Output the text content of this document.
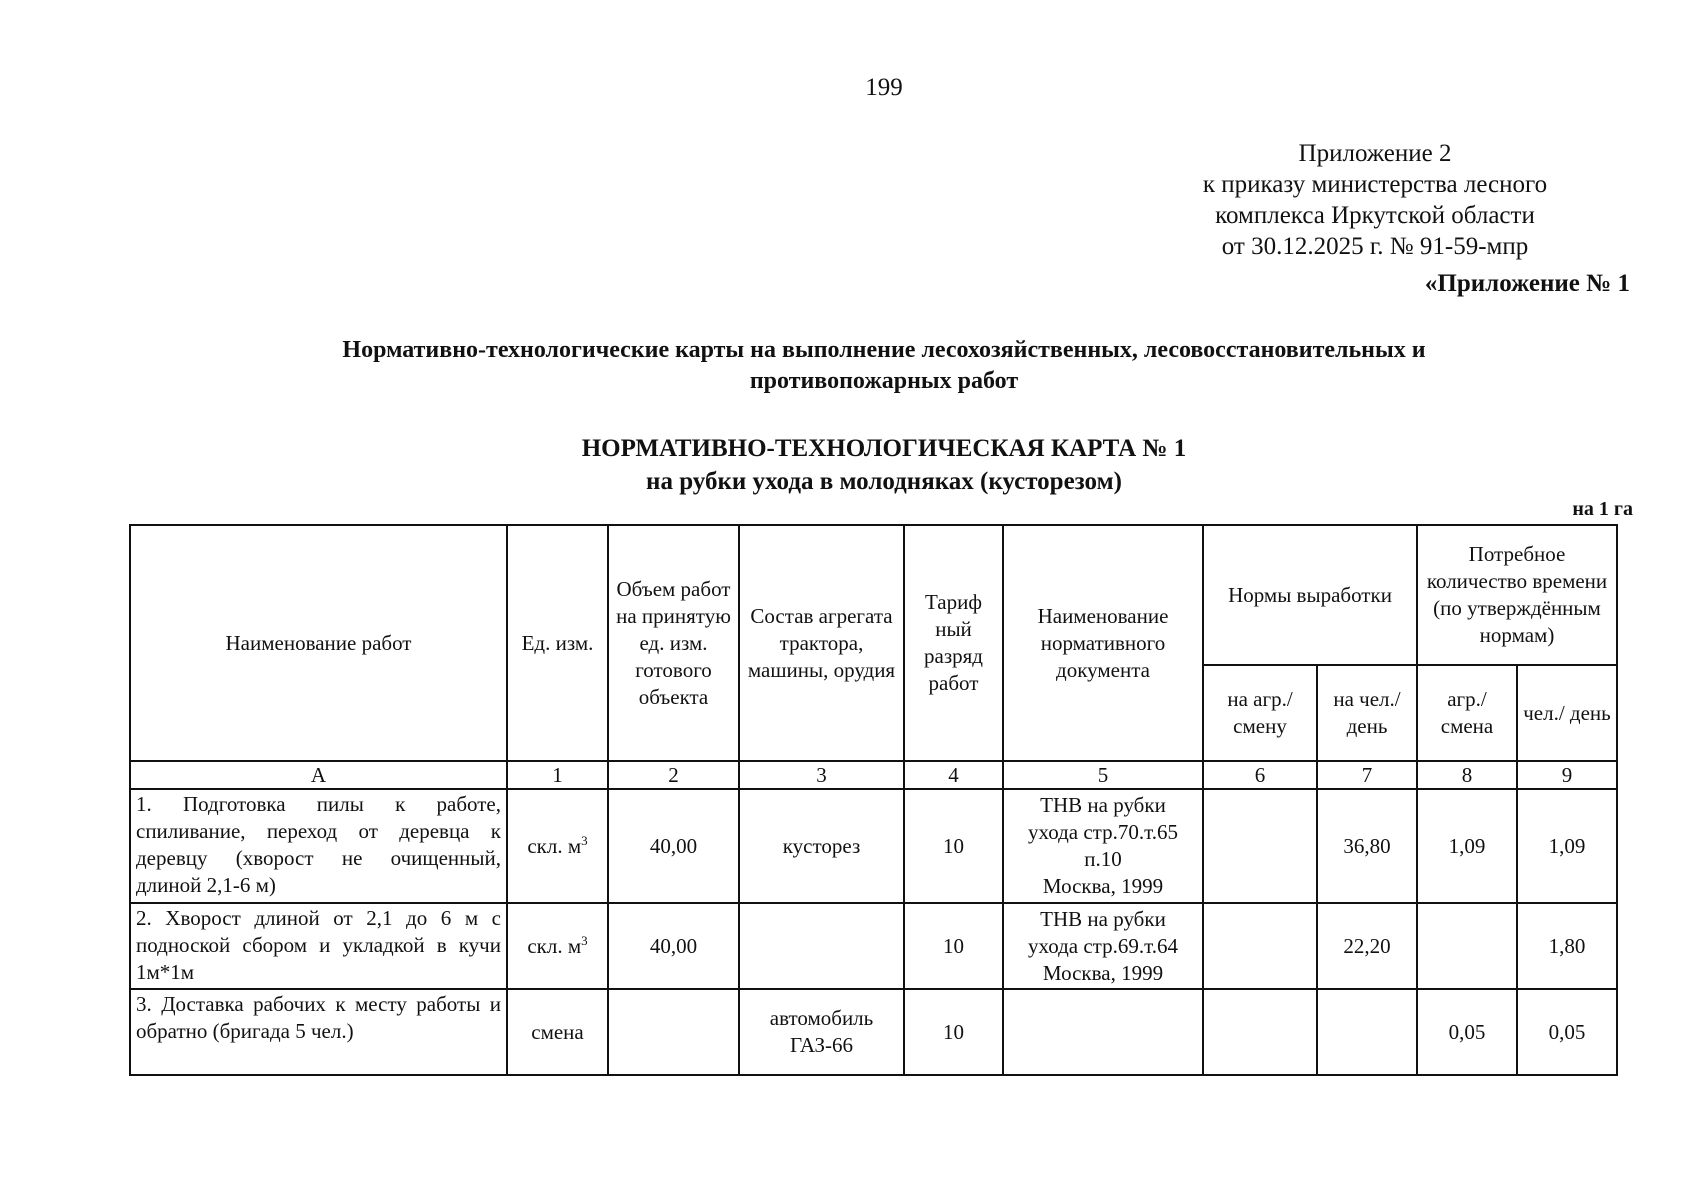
199
Приложение 2
к приказу министерства лесного
комплекса Иркутской области
от 30.12.2025 г. № 91-59-мпр
«Приложение № 1
Нормативно-технологические карты на выполнение лесохозяйственных, лесовосстановительных и
противопожарных работ
НОРМАТИВНО-ТЕХНОЛОГИЧЕСКАЯ КАРТА № 1
на рубки ухода в молодняках (кусторезом)
на 1 га
Наименование работ	Ед. изм.	Объем работ на принятую ед. изм. готового объекта	Состав агрегата трактора, машины, орудия	Тариф ный разряд работ	Наименование нормативного документа	Нормы выработки		Потребное количество времени (по утверждённым нормам)	
						на агр./ смену	на чел./ день	агр./ смена	чел./ день
А	1	2	3	4	5	6	7	8	9
1. Подготовка пилы к работе, спиливание, переход от деревца к деревцу (хворост не очищенный, длиной 2,1-6 м)	скл. $м^3$	40,00	кусторез	10	ТНВ на рубки
ухода стр.70.т.65
п.10
Москва, 1999		36,80	1,09	1,09
2. Хворост длиной от 2,1 до 6 м с подноской сбором и укладкой в кучи 1м*1м	скл. $м^3$	40,00		10	ТНВ на рубки
ухода стр.69.т.64
Москва, 1999		22,20		1,80
3. Доставка рабочих к месту работы и обратно (бригада 5 чел.)	смена		автомобиль
ГАЗ-66	10				0,05	0,05
